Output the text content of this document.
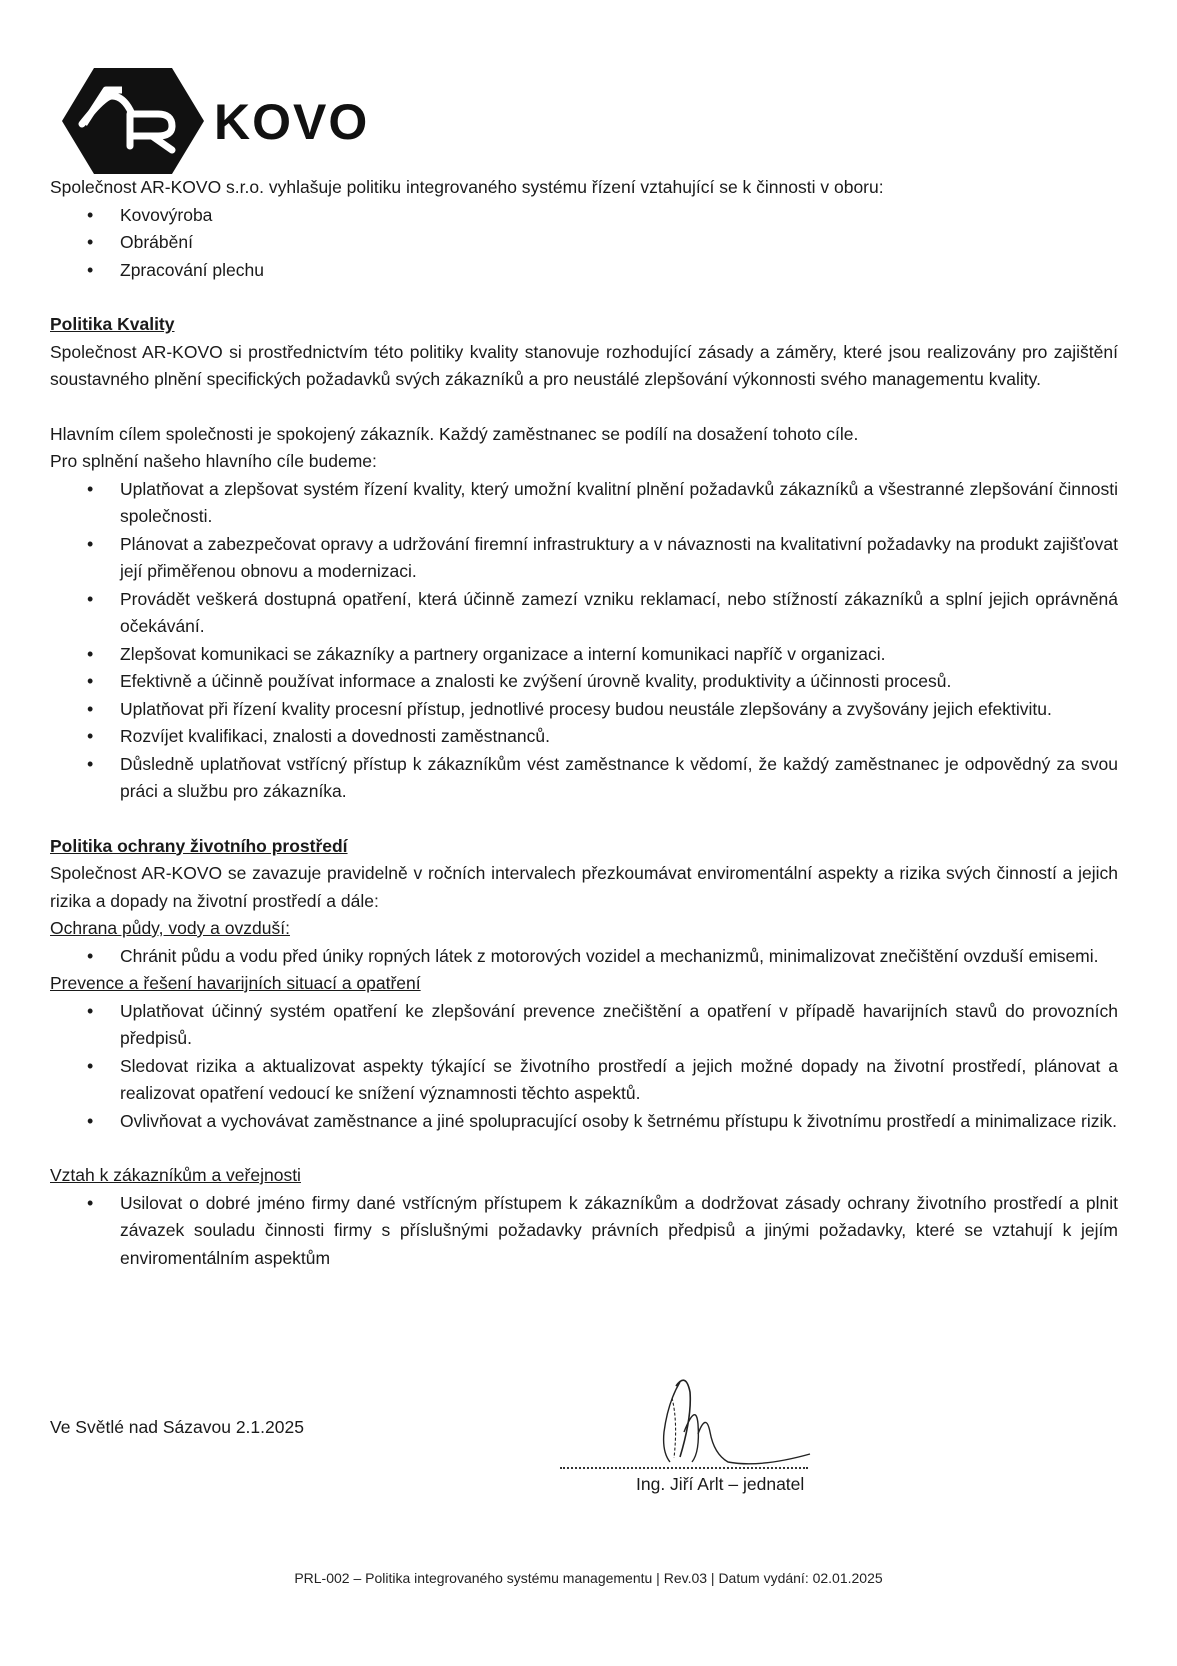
KOVO

Společnost AR-KOVO s.r.o. vyhlašuje politiku integrovaného systému řízení vztahující se k činnosti v oboru:

• Kovovýroba
• Obrábění
• Zpracování plechu

Politika Kvality

Společnost AR-KOVO si prostřednictvím této politiky kvality stanovuje rozhodující zásady a záměry, které jsou realizovány pro zajištění soustavného plnění specifických požadavků svých zákazníků a pro neustálé zlepšování výkonnosti svého managementu kvality.

Hlavním cílem společnosti je spokojený zákazník. Každý zaměstnanec se podílí na dosažení tohoto cíle.

Pro splnění našeho hlavního cíle budeme:

• Uplatňovat a zlepšovat systém řízení kvality, který umožní kvalitní plnění požadavků zákazníků a všestranné zlepšování činnosti společnosti.
• Plánovat a zabezpečovat opravy a udržování firemní infrastruktury a v návaznosti na kvalitativní požadavky na produkt zajišťovat její přiměřenou obnovu a modernizaci.
• Provádět veškerá dostupná opatření, která účinně zamezí vzniku reklamací, nebo stížností zákazníků a splní jejich oprávněná očekávání.
• Zlepšovat komunikaci se zákazníky a partnery organizace a interní komunikaci napříč v organizaci.
• Efektivně a účinně používat informace a znalosti ke zvýšení úrovně kvality, produktivity a účinnosti procesů.
• Uplatňovat při řízení kvality procesní přístup, jednotlivé procesy budou neustále zlepšovány a zvyšovány jejich efektivitu.
• Rozvíjet kvalifikaci, znalosti a dovednosti zaměstnanců.
• Důsledně uplatňovat vstřícný přístup k zákazníkům vést zaměstnance k vědomí, že každý zaměstnanec je odpovědný za svou práci a službu pro zákazníka.

Politika ochrany životního prostředí

Společnost AR-KOVO se zavazuje pravidelně v ročních intervalech přezkoumávat enviromentální aspekty a rizika svých činností a jejich rizika a dopady na životní prostředí a dále:

Ochrana půdy, vody a ovzduší:

• Chránit půdu a vodu před úniky ropných látek z motorových vozidel a mechanizmů, minimalizovat znečištění ovzduší emisemi.

Prevence a řešení havarijních situací a opatření

• Uplatňovat účinný systém opatření ke zlepšování prevence znečištění a opatření v případě havarijních stavů do provozních předpisů.
• Sledovat rizika a aktualizovat aspekty týkající se životního prostředí a jejich možné dopady na životní prostředí, plánovat a realizovat opatření vedoucí ke snížení významnosti těchto aspektů.
• Ovlivňovat a vychovávat zaměstnance a jiné spolupracující osoby k šetrnému přístupu k životnímu prostředí a minimalizace rizik.

Vztah k zákazníkům a veřejnosti

• Usilovat o dobré jméno firmy dané vstřícným přístupem k zákazníkům a dodržovat zásady ochrany životního prostředí a plnit závazek souladu činnosti firmy s příslušnými požadavky právních předpisů a jinými požadavky, které se vztahují k jejím enviromentálním aspektům
Ve Světlé nad Sázavou 2.1.2025
Ing. Jiří Arlt – jednatel
PRL-002 – Politika integrovaného systému managementu | Rev.03 | Datum vydání: 02.01.2025
